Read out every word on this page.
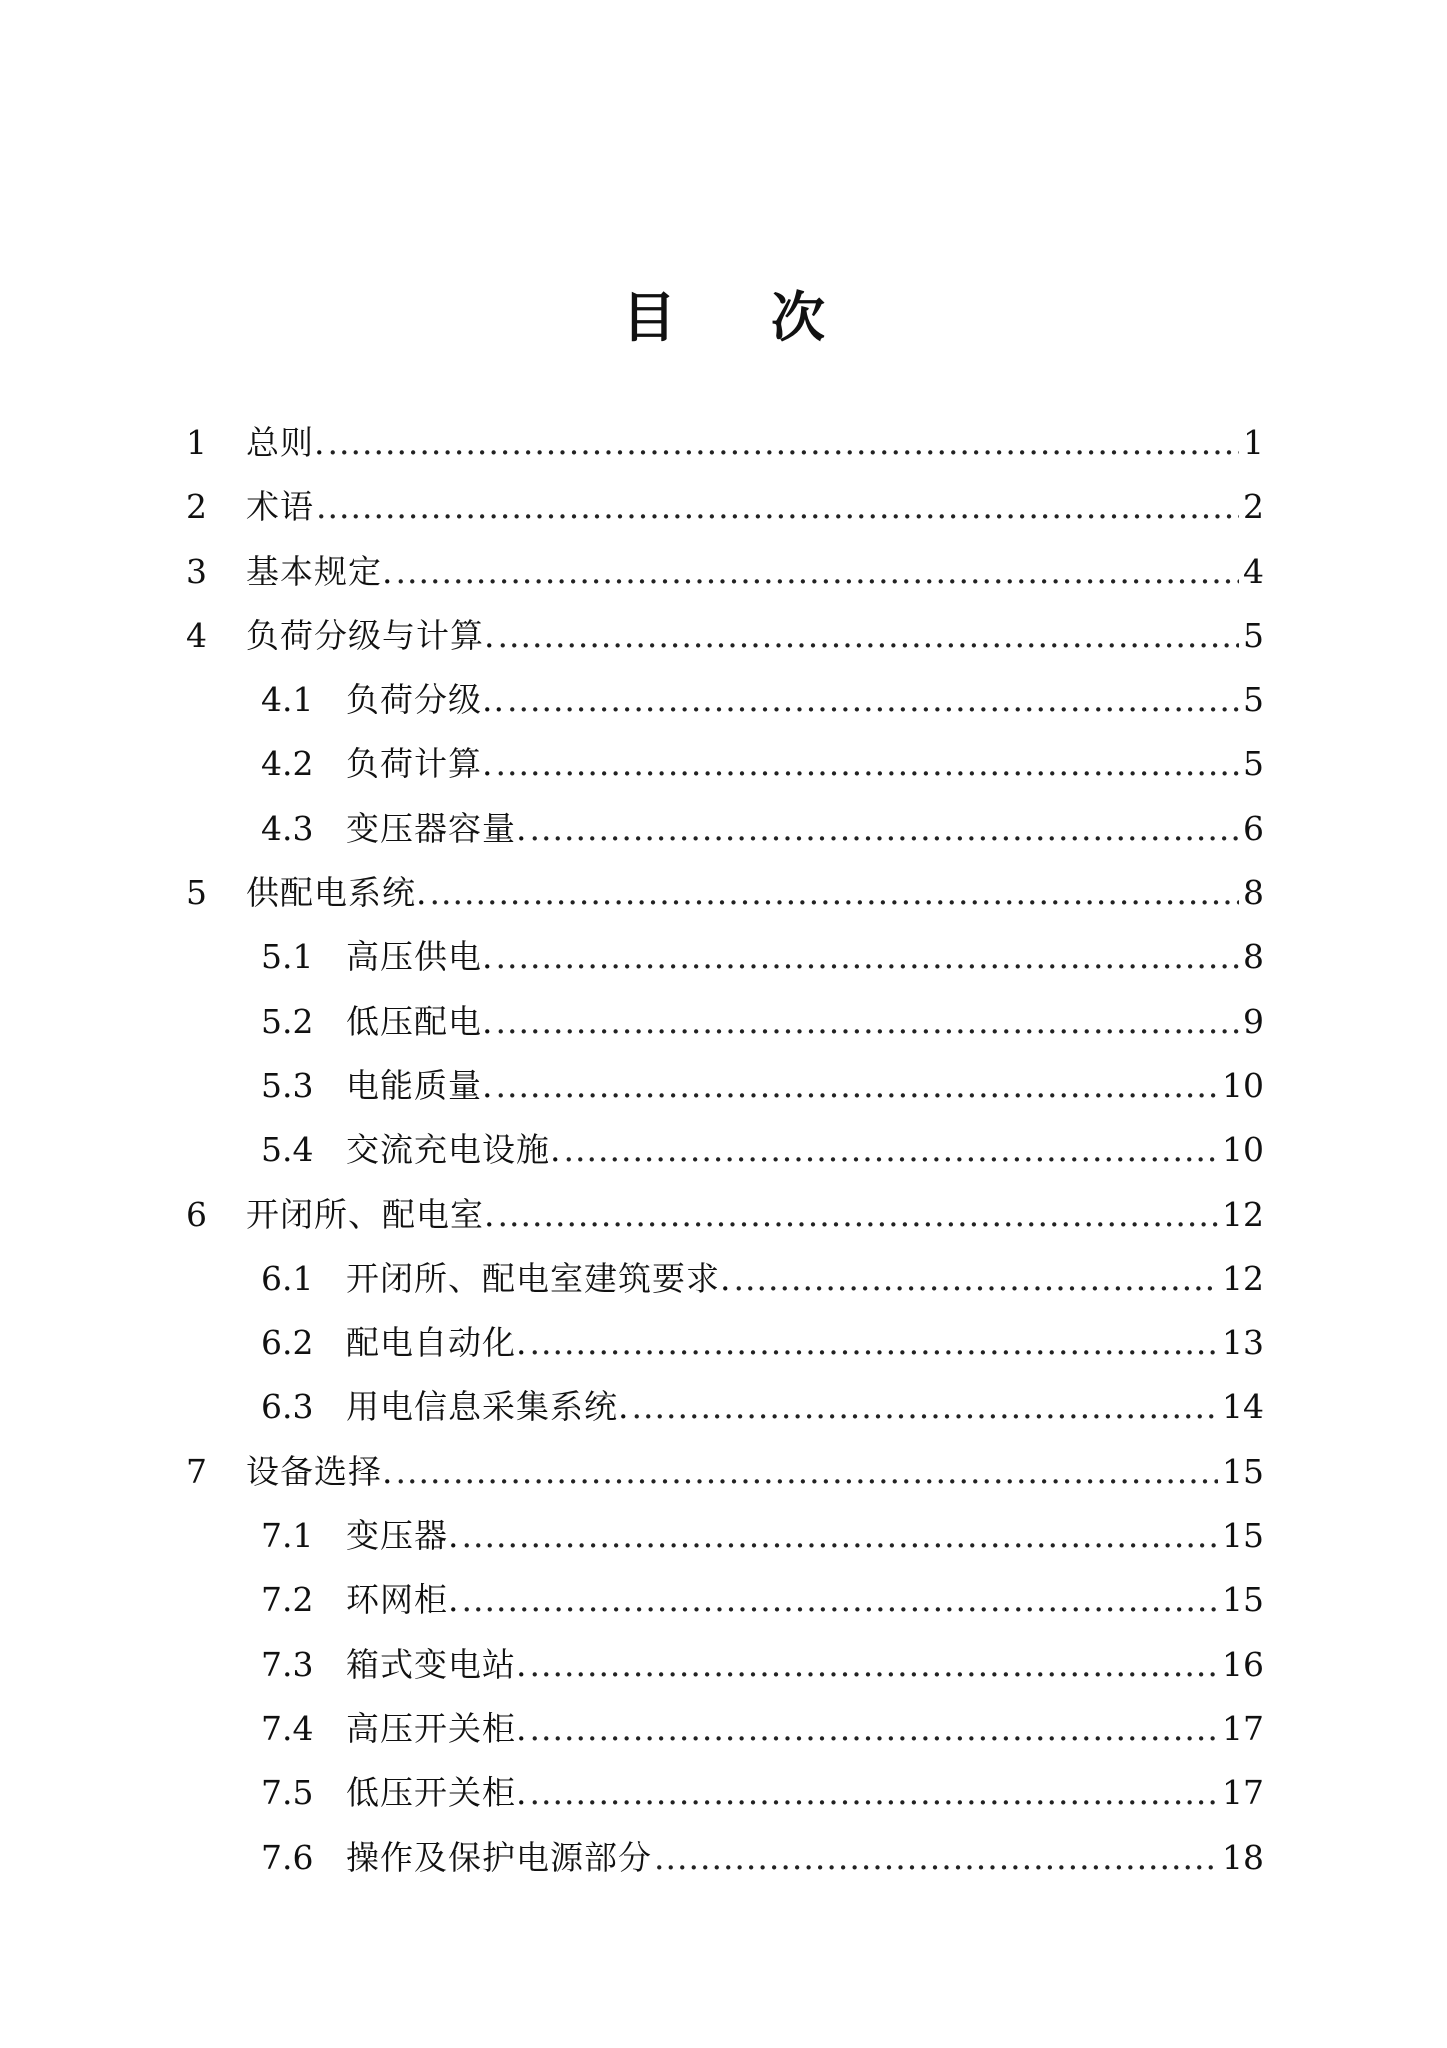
目 次
1	总则. .....	1
2	术语 .....	2
3	基本规定. .....	4
4	负荷分级与计算. .....	5
4.1 负荷分级.. .....	5
4.2 负荷计算. .....	5
4.3 变压器容量. .....	6
5	供配电系统. .....	8
5.1 高压供电. .....	8
5.2 低压配电. .....	9
5.3 电能质量. .....	10
5.4 交流充电设施. .....	10
6	开闭所、配电室. .....	12
6.1 开闭所、配电室建筑要求. .....	12
6.2 配电自动化. .....	13
6.3 用电信息采集系统. .....	14
7	设备选择. .....	15
7.1 变压器. .....	15
7.2 环网柜. .....	15
7.3 箱式变电站. .....	16
7.4 高压开关柜. .....	17
7.5 低压开关柜. .....	17
7.6 操作及保护电源部分 .....	18
